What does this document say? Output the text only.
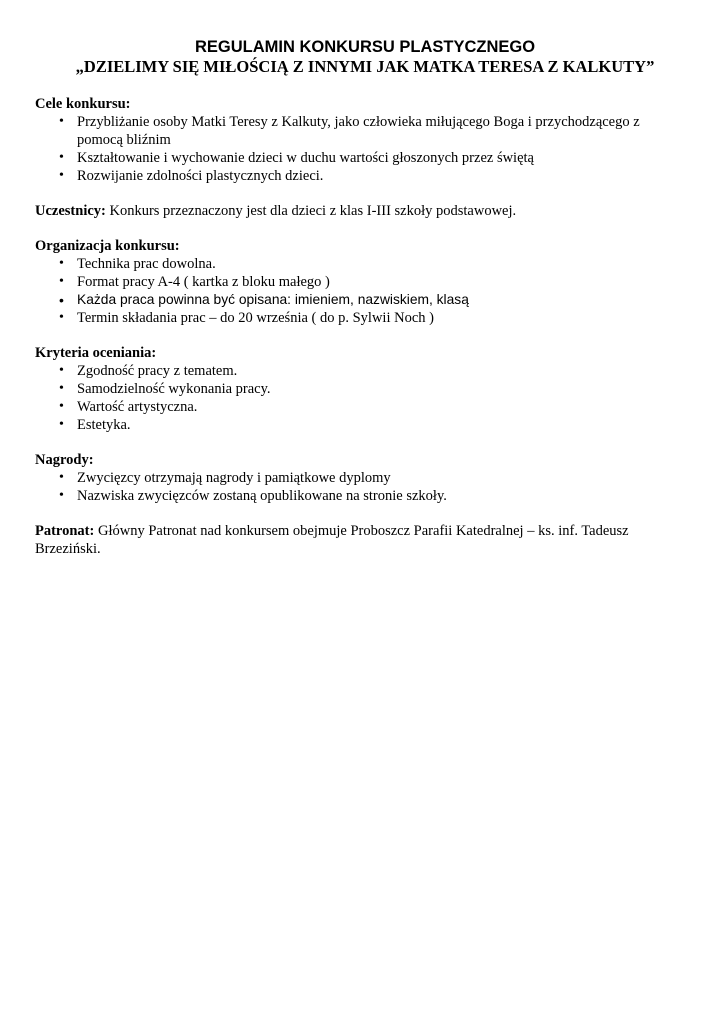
REGULAMIN KONKURSU PLASTYCZNEGO
„DZIELIMY SIĘ MIŁOŚCIĄ Z INNYMI JAK MATKA TERESA Z KALKUTY”
Cele konkursu:
• Przybliżanie osoby Matki Teresy z Kalkuty, jako człowieka miłującego Boga i przychodzącego z pomocą bliźnim
• Kształtowanie i wychowanie dzieci w duchu wartości głoszonych przez świętą
• Rozwijanie zdolności plastycznych dzieci.
Uczestnicy: Konkurs przeznaczony jest dla dzieci z klas I-III szkoły podstawowej.
Organizacja konkursu:
• Technika prac dowolna.
• Format pracy A-4 ( kartka z bloku małego )
• Każda praca powinna być opisana: imieniem, nazwiskiem, klasą
• Termin składania prac – do 20 września ( do p. Sylwii Noch )
Kryteria oceniania:
• Zgodność pracy z tematem.
• Samodzielność wykonania pracy.
• Wartość artystyczna.
• Estetyka.
Nagrody:
• Zwycięzcy otrzymają nagrody i pamiątkowe dyplomy
• Nazwiska zwycięzców zostaną opublikowane na stronie szkoły.
Patronat: Główny Patronat nad konkursem obejmuje Proboszcz Parafii Katedralnej – ks. inf. Tadeusz Brzeziński.
